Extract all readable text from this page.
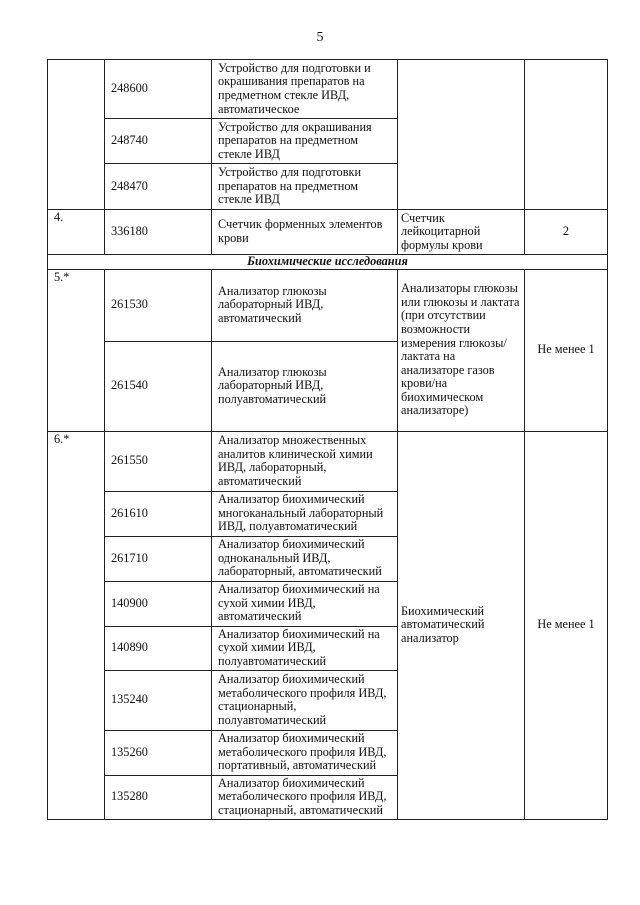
5
	248600	Устройство для подготовки и окрашивания препаратов на предметном стекле ИВД, автоматическое		
	248740	Устройство для окрашивания препаратов на предметном стекле ИВД		
	248470	Устройство для подготовки препаратов на предметном стекле ИВД		
4.	336180	Счетчик форменных элементов крови	Счетчик лейкоцитарной формулы крови	2
Биохимические исследования				
5.*	261530	Анализатор глюкозы лабораторный ИВД, автоматический	Анализаторы глюкозы или глюкозы и лактата (при отсутствии возможности измерения глюкозы/лактата на анализаторе газов крови/на биохимическом анализаторе)	Не менее 1
	261540	Анализатор глюкозы лабораторный ИВД, полуавтоматический		
6.*	261550	Анализатор множественных аналитов клинической химии ИВД, лабораторный, автоматический	Биохимический автоматический анализатор	Не менее 1
	261610	Анализатор биохимический многоканальный лабораторный ИВД, полуавтоматический		
	261710	Анализатор биохимический одноканальный ИВД, лабораторный, автоматический		
	140900	Анализатор биохимический на сухой химии ИВД, автоматический		
	140890	Анализатор биохимический на сухой химии ИВД, полуавтоматический		
	135240	Анализатор биохимический метаболического профиля ИВД, стационарный, полуавтоматический		
	135260	Анализатор биохимический метаболического профиля ИВД, портативный, автоматический		
	135280	Анализатор биохимический метаболического профиля ИВД, стационарный, автоматический		
